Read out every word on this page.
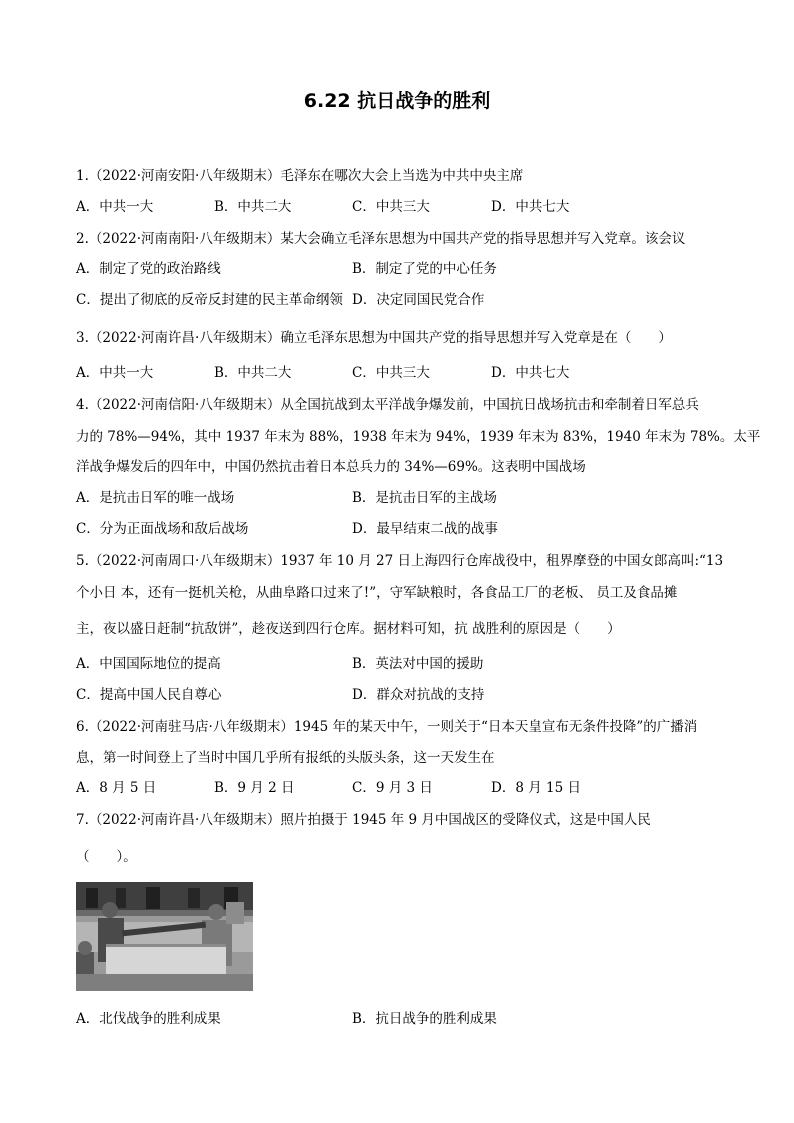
6.22 抗日战争的胜利
1.（2022·河南安阳·八年级期末）毛泽东在哪次大会上当选为中共中央主席
A．中共一大	B．中共二大	C．中共三大	D．中共七大
2.（2022·河南南阳·八年级期末）某大会确立毛泽东思想为中国共产党的指导思想并写入党章。该会议
A．制定了党的政治路线	B．制定了党的中心任务
C．提出了彻底的反帝反封建的民主革命纲领 D．决定同国民党合作
3.（2022·河南许昌·八年级期末）确立毛泽东思想为中国共产党的指导思想并写入党章是在（　　）
A．中共一大	B．中共二大	C．中共三大	D．中共七大
4.（2022·河南信阳·八年级期末）从全国抗战到太平洋战争爆发前，中国抗日战场抗击和牵制着日军总兵
力的 78%—94%，其中 1937 年末为 88%，1938 年末为 94%，1939 年末为 83%，1940 年末为 78%。太平
洋战争爆发后的四年中，中国仍然抗击着日本总兵力的 34%—69%。这表明中国战场
A．是抗击日军的唯一战场	B．是抗击日军的主战场
C．分为正面战场和敌后战场	D．最早结束二战的战事
5.（2022·河南周口·八年级期末）1937 年 10 月 27 日上海四行仓库战役中，租界摩登的中国女郎高叫:“13
个小日 本，还有一挺机关枪，从曲阜路口过来了!”，守军缺粮时，各食品工厂的老板、 员工及食品摊
主，夜以盛日赶制“抗敌饼”，趁夜送到四行仓库。据材料可知，抗 战胜利的原因是（　　）
A．中国国际地位的提高	B．英法对中国的援助
C．提高中国人民自尊心	D．群众对抗战的支持
6.（2022·河南驻马店·八年级期末）1945 年的某天中午，一则关于“日本天皇宣布无条件投降”的广播消
息，第一时间登上了当时中国几乎所有报纸的头版头条，这一天发生在
A．8 月 5 日	B．9 月 2 日	C．9 月 3 日	D．8 月 15 日
7.（2022·河南许昌·八年级期末）照片拍摄于 1945 年 9 月中国战区的受降仪式，这是中国人民
（　　）。
A．北伐战争的胜利成果	B．抗日战争的胜利成果
